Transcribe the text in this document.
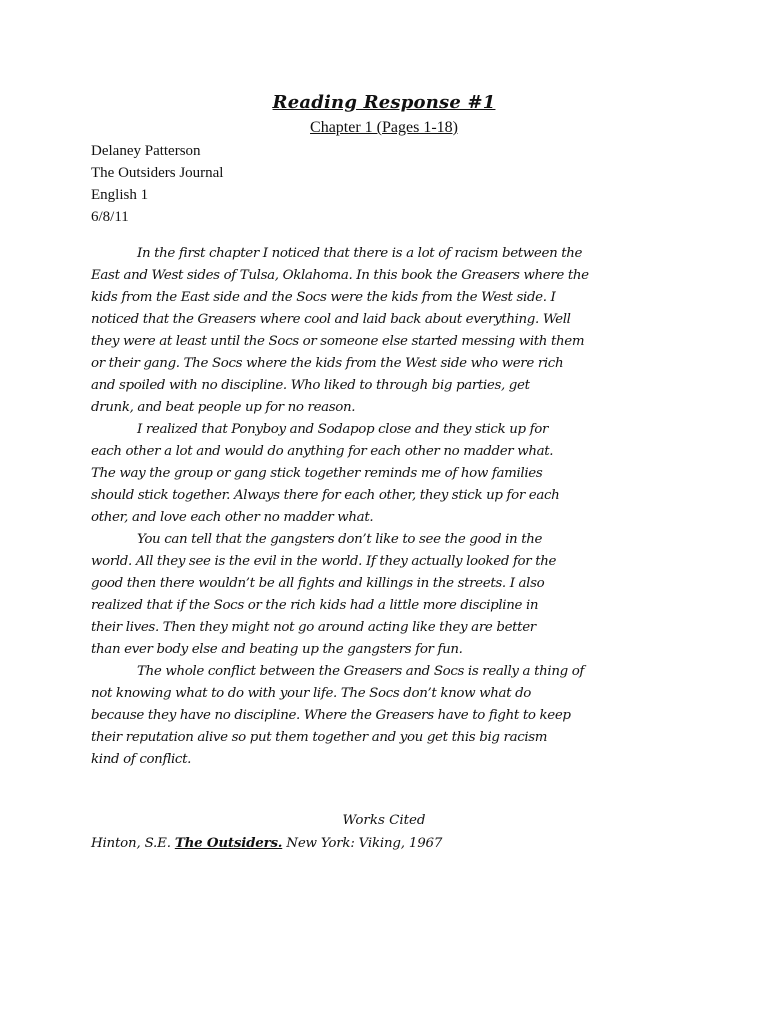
Reading Response #1
Chapter 1 (Pages 1-18)
Delaney Patterson
The Outsiders Journal
English 1
6/8/11
In the first chapter I noticed that there is a lot of racism between the
East and West sides of Tulsa, Oklahoma. In this book the Greasers where the
kids from the East side and the Socs were the kids from the West side. I
noticed that the Greasers where cool and laid back about everything. Well
they were at least until the Socs or someone else started messing with them
or their gang. The Socs where the kids from the West side who were rich
and spoiled with no discipline. Who liked to through big parties, get
drunk, and beat people up for no reason.
I realized that Ponyboy and Sodapop close and they stick up for
each other a lot and would do anything for each other no madder what.
The way the group or gang stick together reminds me of how families
should stick together. Always there for each other, they stick up for each
other, and love each other no madder what.
You can tell that the gangsters don’t like to see the good in the
world. All they see is the evil in the world. If they actually looked for the
good then there wouldn’t be all fights and killings in the streets. I also
realized that if the Socs or the rich kids had a little more discipline in
their lives. Then they might not go around acting like they are better
than ever body else and beating up the gangsters for fun.
The whole conflict between the Greasers and Socs is really a thing of
not knowing what to do with your life. The Socs don’t know what do
because they have no discipline. Where the Greasers have to fight to keep
their reputation alive so put them together and you get this big racism
kind of conflict.
Works Cited
Hinton, S.E. The Outsiders. New York: Viking, 1967
